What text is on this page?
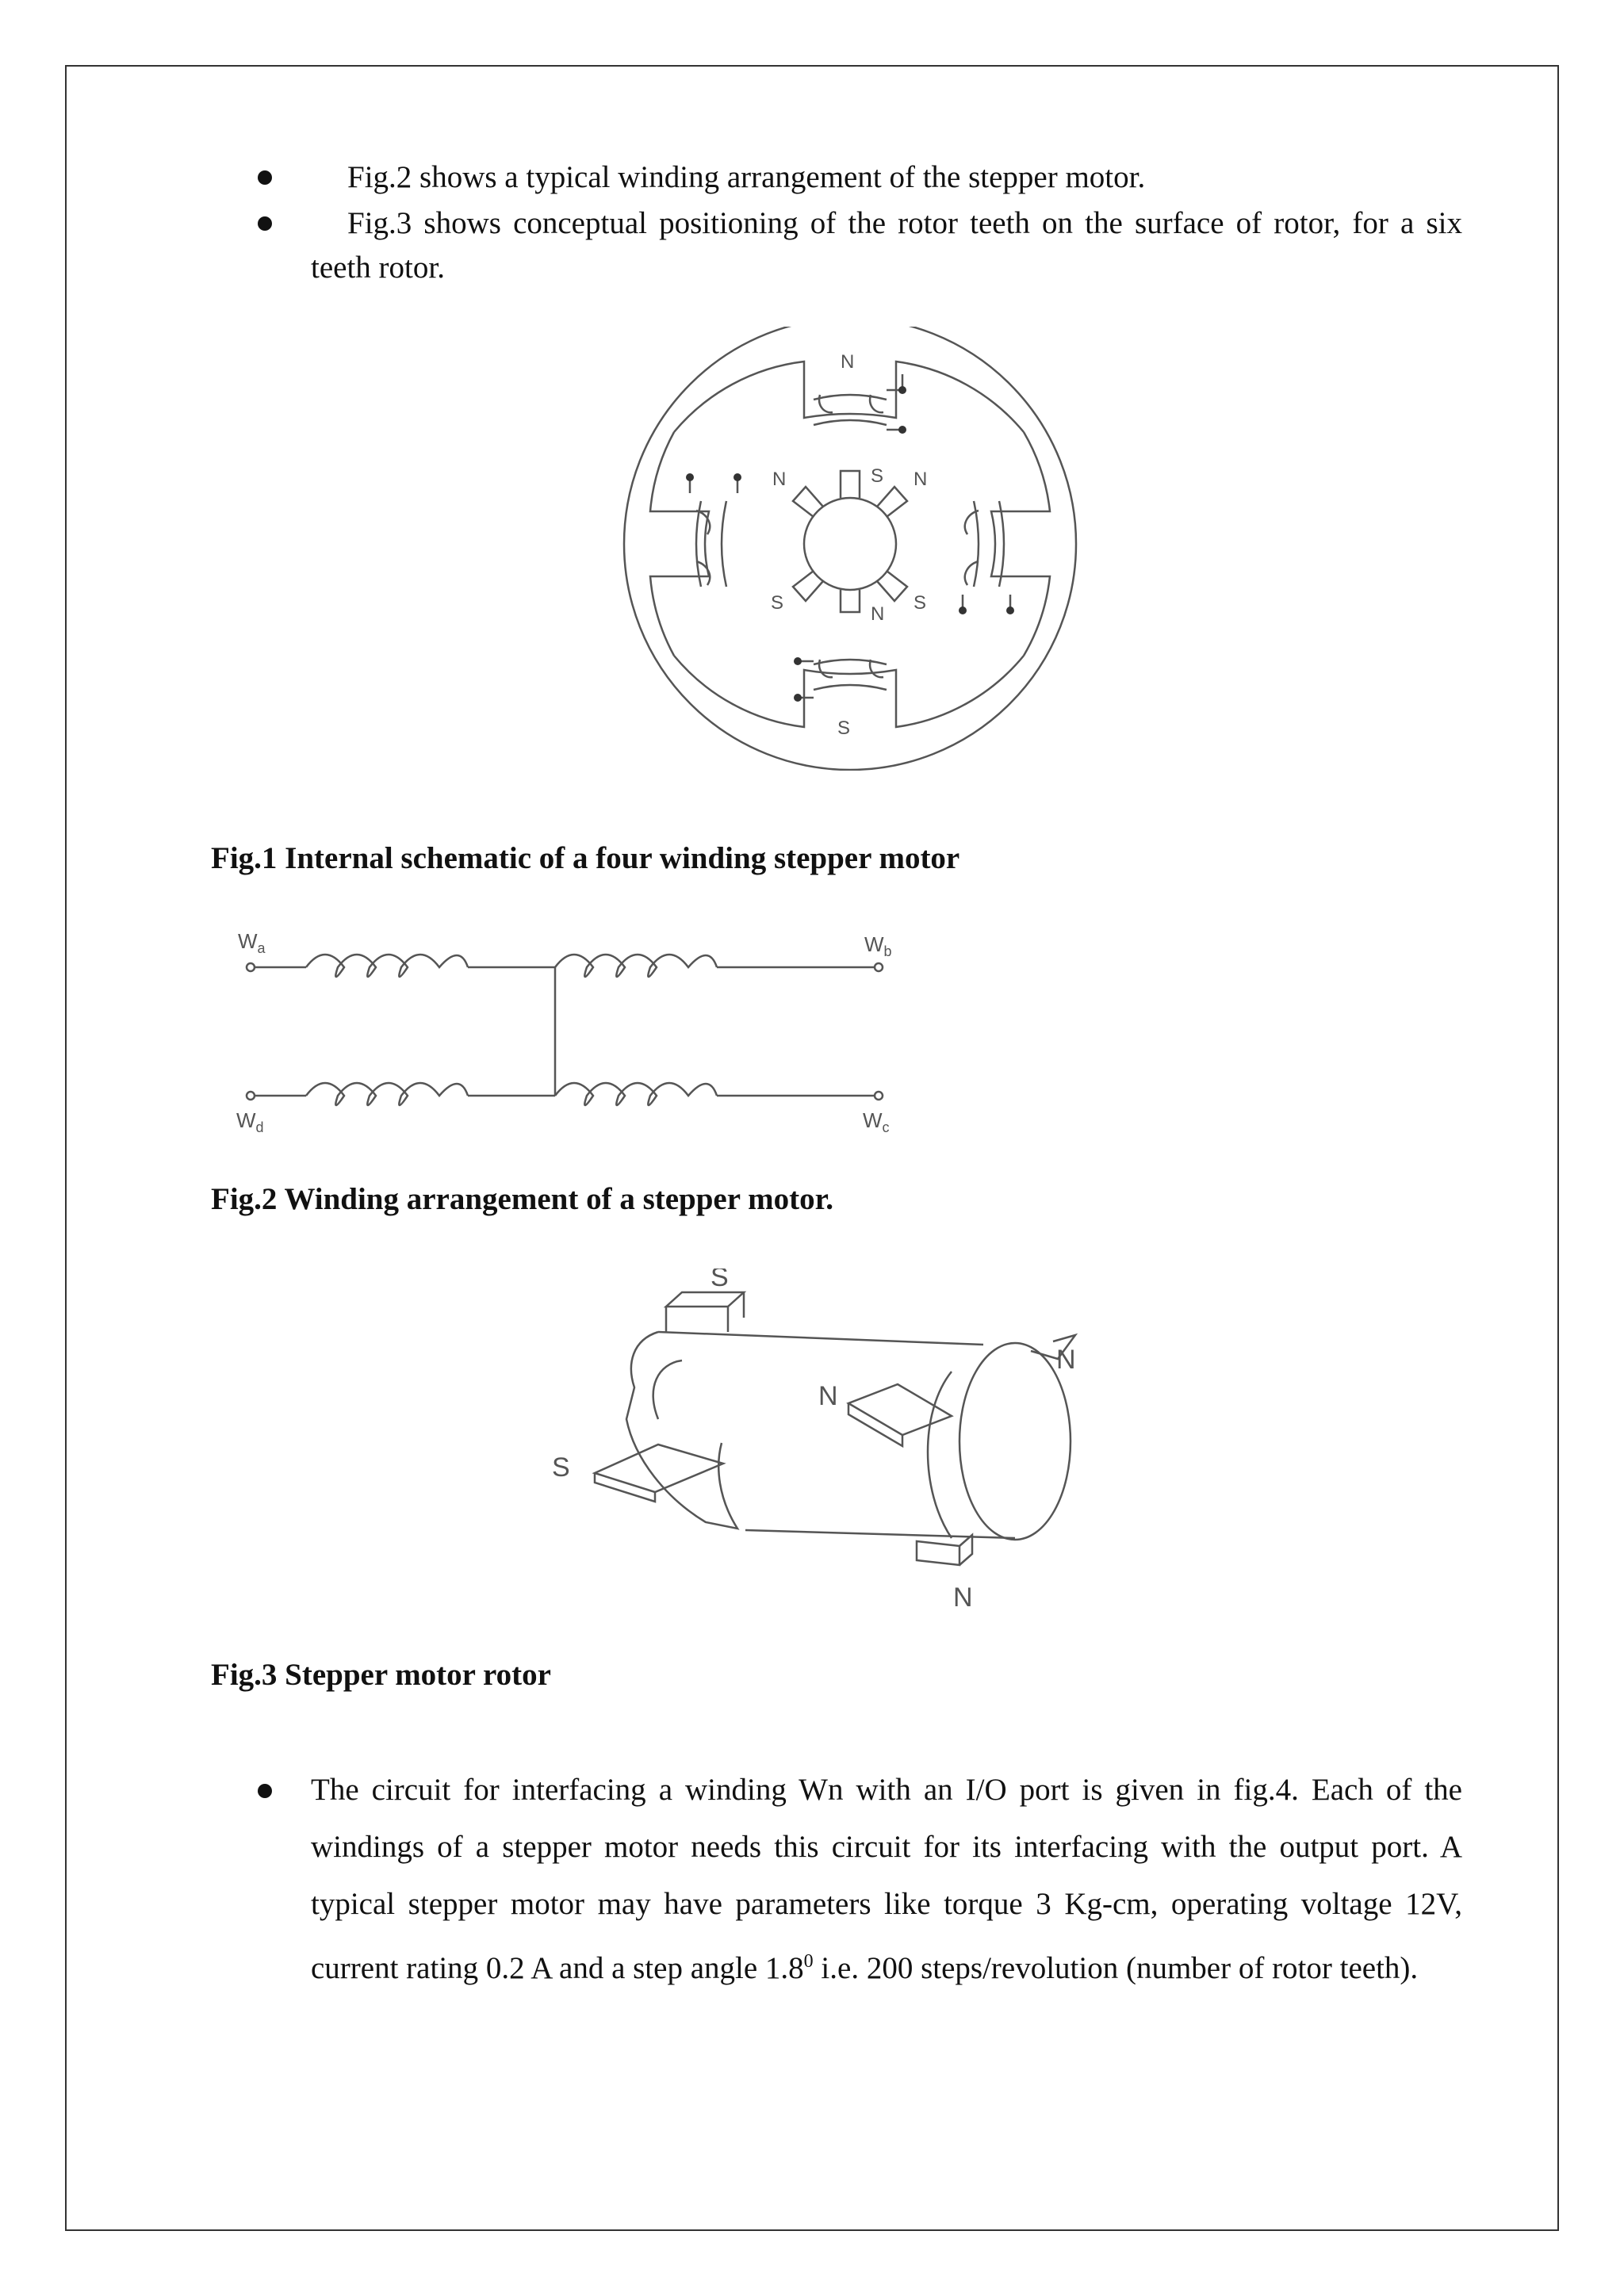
Fig.2 shows a typical winding arrangement of the stepper motor.
Fig.3 shows conceptual positioning of the rotor teeth on the surface of rotor, for a six teeth rotor.
N
S
N	S N
S
N
S
Fig.1 Internal schematic of a four winding stepper motor
$W_a$	$W_b$
$W_d$	$W_c$
Fig.2 Winding arrangement of a stepper motor.
S
S
N
N
N
Fig.3 Stepper motor rotor
The circuit for interfacing a winding Wn with an I/O port is given in fig.4. Each of the windings of a stepper motor needs this circuit for its interfacing with the output port. A typical stepper motor may have parameters like torque 3 Kg-cm, operating voltage 12V, current rating 0.2 A and a step angle $1.8^0$ i.e. 200 steps/revolution (number of rotor teeth).
